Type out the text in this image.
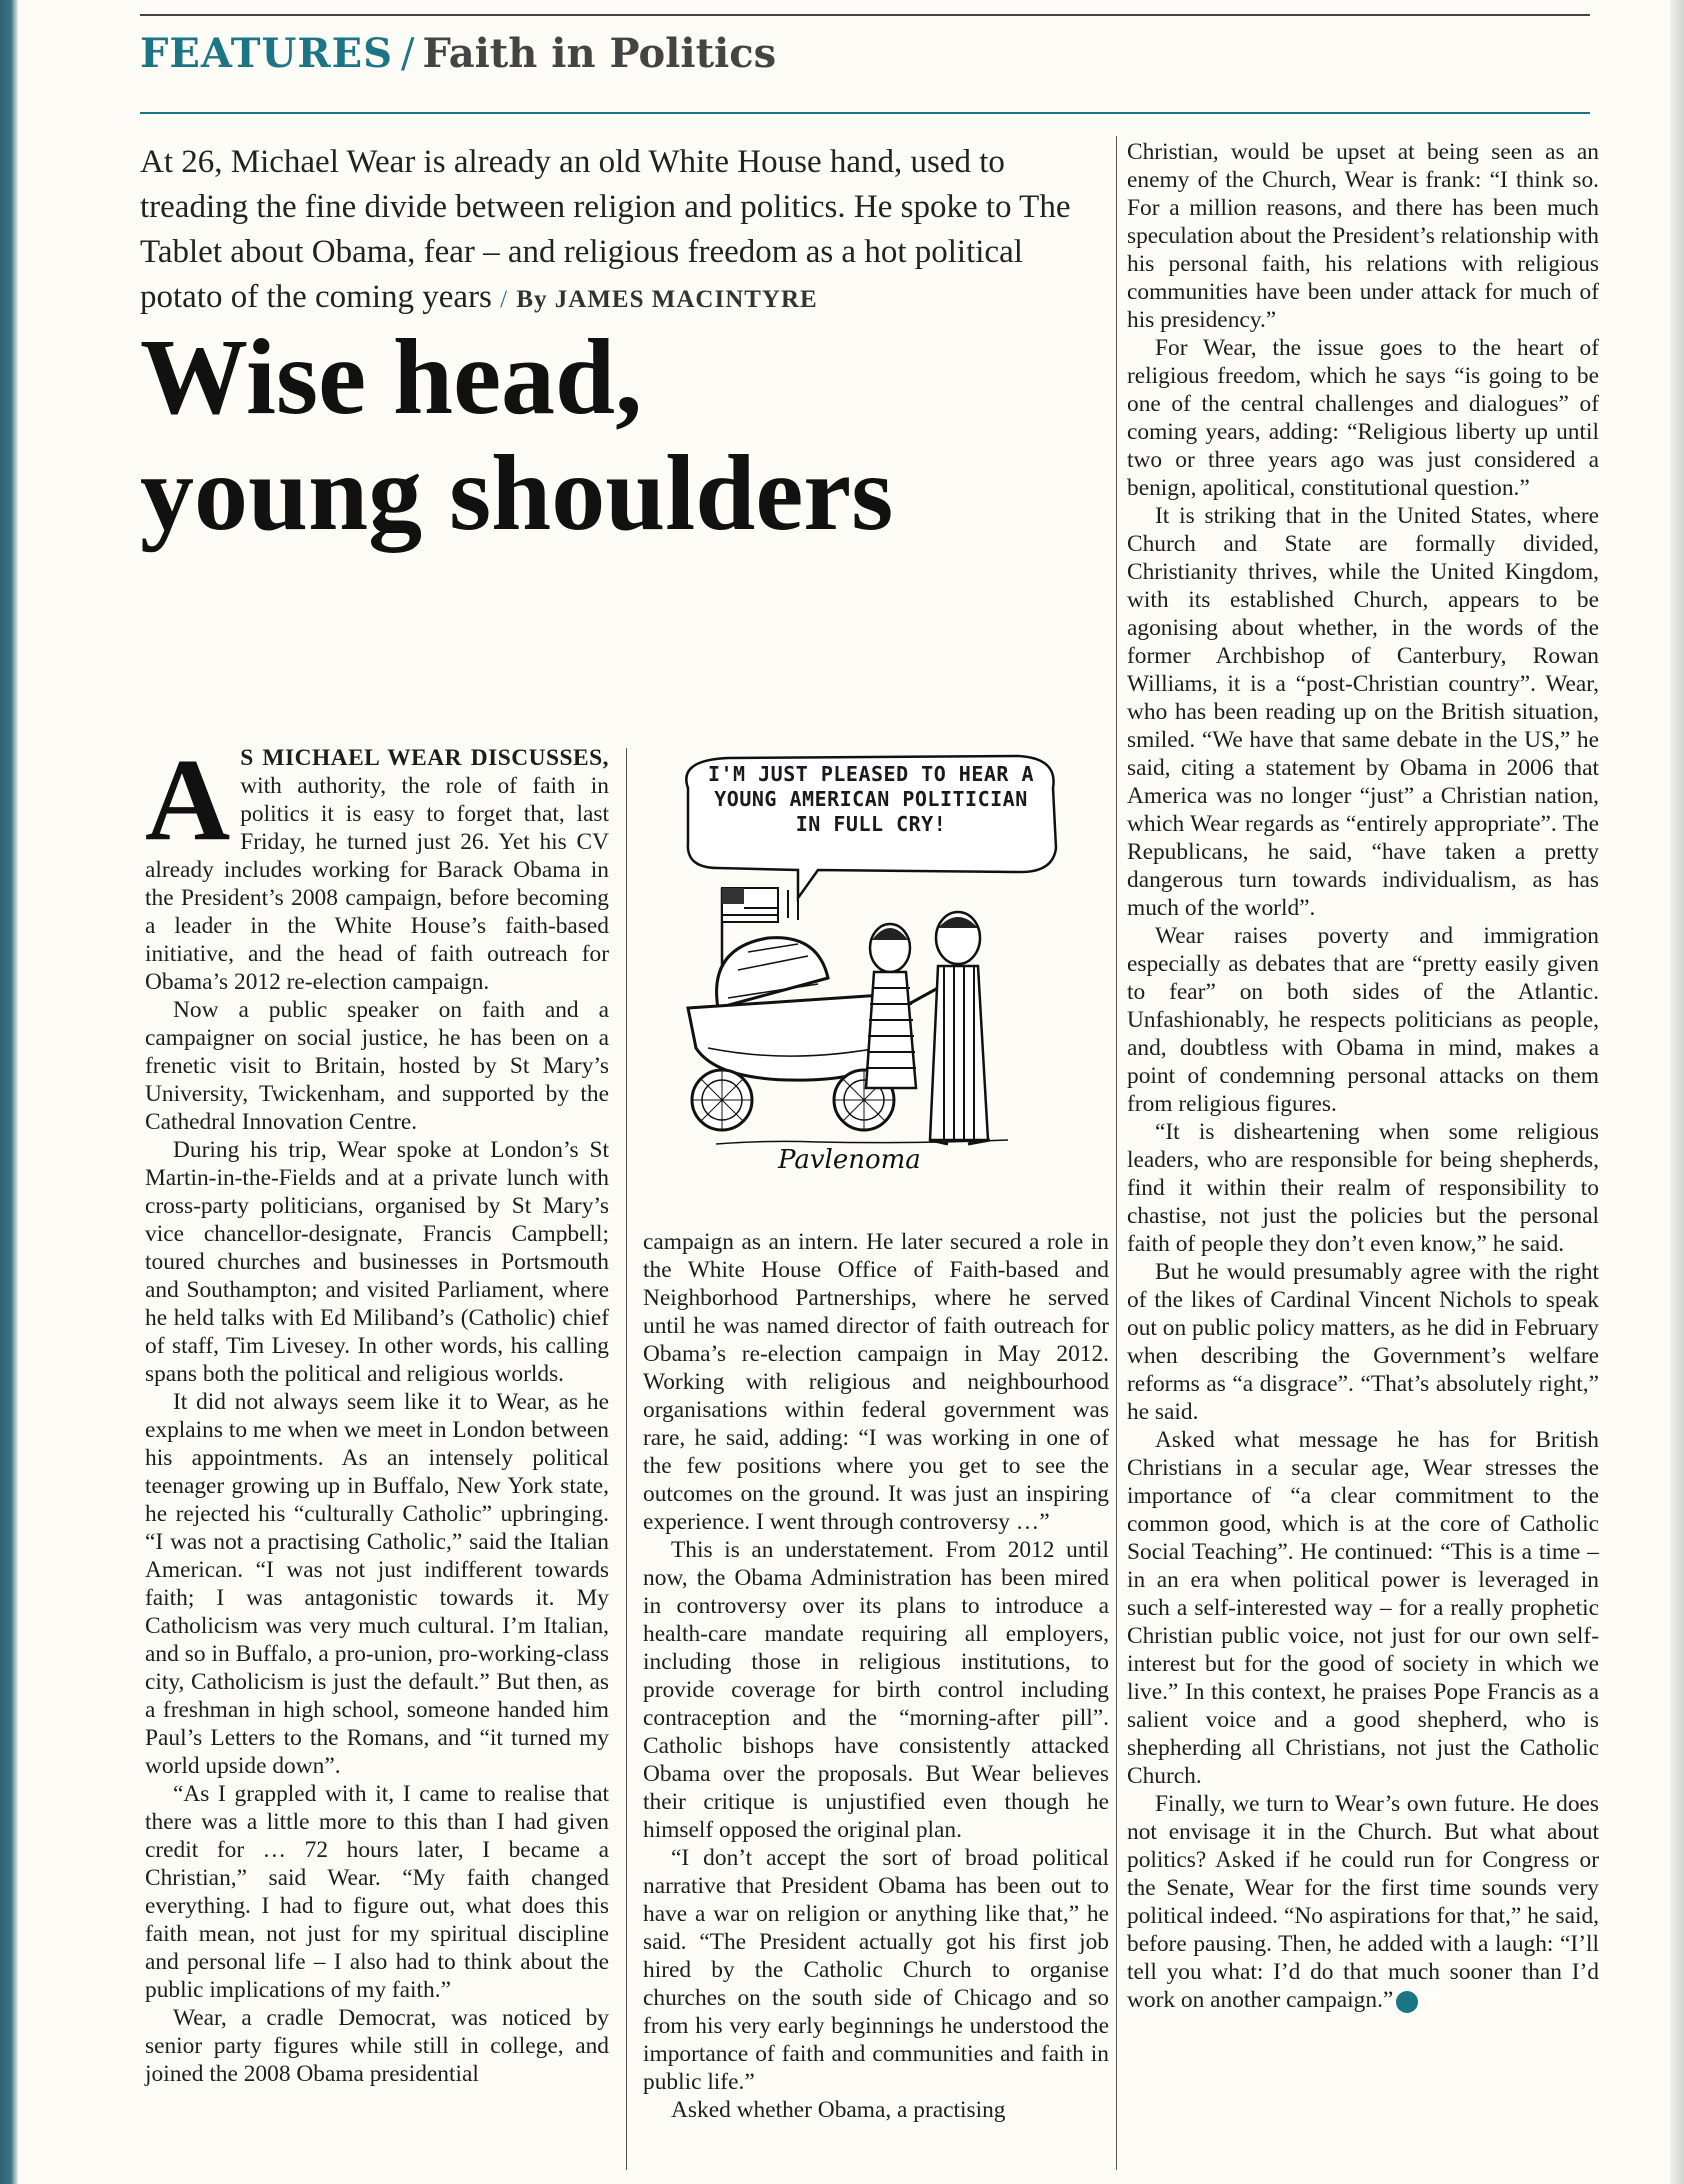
FEATURES / Faith in Politics
At 26, Michael Wear is already an old White House hand, used to treading the fine divide between religion and politics. He spoke to The Tablet about Obama, fear – and religious freedom as a hot political potato of the coming years / By JAMES MACINTYRE
Wise head,
young shoulders

A S MICHAEL WEAR DISCUSSES, with authority, the role of faith in politics it is easy to forget that, last Friday, he turned just 26. Yet his CV already includes working for Barack Obama in the President’s 2008 campaign, before becoming a leader in the White House’s faith-based initiative, and the head of faith outreach for Obama’s 2012 re-election campaign.

Now a public speaker on faith and a campaigner on social justice, he has been on a frenetic visit to Britain, hosted by St Mary’s University, Twickenham, and supported by the Cathedral Innovation Centre.

During his trip, Wear spoke at London’s St Martin-in-the-Fields and at a private lunch with cross-party politicians, organised by St Mary’s vice chancellor-designate, Francis Campbell; toured churches and businesses in Portsmouth and Southampton; and visited Parliament, where he held talks with Ed Miliband’s (Catholic) chief of staff, Tim Livesey. In other words, his calling spans both the political and religious worlds.

It did not always seem like it to Wear, as he explains to me when we meet in London between his appointments. As an intensely political teenager growing up in Buffalo, New York state, he rejected his “culturally Catholic” upbringing. “I was not a practising Catholic,” said the Italian American. “I was not just indifferent towards faith; I was antagonistic towards it. My Catholicism was very much cultural. I’m Italian, and so in Buffalo, a pro-union, pro-working-class city, Catholicism is just the default.” But then, as a freshman in high school, someone handed him Paul’s Letters to the Romans, and “it turned my world upside down”.

“As I grappled with it, I came to realise that there was a little more to this than I had given credit for … 72 hours later, I became a Christian,” said Wear. “My faith changed everything. I had to figure out, what does this faith mean, not just for my spiritual discipline and personal life – I also had to think about the public implications of my faith.”

Wear, a cradle Democrat, was noticed by senior party figures while still in college, and joined the 2008 Obama presidential

Pavlenoma
I'M JUST PLEASED TO HEAR A YOUNG AMERICAN POLITICIAN IN FULL CRY!

campaign as an intern. He later secured a role in the White House Office of Faith-based and Neighborhood Partnerships, where he served until he was named director of faith outreach for Obama’s re-election campaign in May 2012. Working with religious and neighbourhood organisations within federal government was rare, he said, adding: “I was working in one of the few positions where you get to see the outcomes on the ground. It was just an inspiring experience. I went through controversy …”

This is an understatement. From 2012 until now, the Obama Administration has been mired in controversy over its plans to introduce a health-care mandate requiring all employers, including those in religious institutions, to provide coverage for birth control including contraception and the “morning-after pill”. Catholic bishops have consistently attacked Obama over the proposals. But Wear believes their critique is unjustified even though he himself opposed the original plan.

“I don’t accept the sort of broad political narrative that President Obama has been out to have a war on religion or anything like that,” he said. “The President actually got his first job hired by the Catholic Church to organise churches on the south side of Chicago and so from his very early beginnings he understood the importance of faith and communities and faith in public life.”

Asked whether Obama, a practising

Christian, would be upset at being seen as an enemy of the Church, Wear is frank: “I think so. For a million reasons, and there has been much speculation about the President’s relationship with his personal faith, his relations with religious communities have been under attack for much of his presidency.”

For Wear, the issue goes to the heart of religious freedom, which he says “is going to be one of the central challenges and dialogues” of coming years, adding: “Religious liberty up until two or three years ago was just considered a benign, apolitical, constitutional question.”

It is striking that in the United States, where Church and State are formally divided, Christianity thrives, while the United Kingdom, with its established Church, appears to be agonising about whether, in the words of the former Archbishop of Canterbury, Rowan Williams, it is a “post-Christian country”. Wear, who has been reading up on the British situation, smiled. “We have that same debate in the US,” he said, citing a statement by Obama in 2006 that America was no longer “just” a Christian nation, which Wear regards as “entirely appropriate”. The Republicans, he said, “have taken a pretty dangerous turn towards individualism, as has much of the world”.

Wear raises poverty and immigration especially as debates that are “pretty easily given to fear” on both sides of the Atlantic. Unfashionably, he respects politicians as people, and, doubtless with Obama in mind, makes a point of condemning personal attacks on them from religious figures.

“It is disheartening when some religious leaders, who are responsible for being shepherds, find it within their realm of responsibility to chastise, not just the policies but the personal faith of people they don’t even know,” he said.

But he would presumably agree with the right of the likes of Cardinal Vincent Nichols to speak out on public policy matters, as he did in February when describing the Government’s welfare reforms as “a disgrace”. “That’s absolutely right,” he said.

Asked what message he has for British Christians in a secular age, Wear stresses the importance of “a clear commitment to the common good, which is at the core of Catholic Social Teaching”. He continued: “This is a time – in an era when political power is leveraged in such a self-interested way – for a really prophetic Christian public voice, not just for our own self-interest but for the good of society in which we live.” In this context, he praises Pope Francis as a salient voice and a good shepherd, who is shepherding all Christians, not just the Catholic Church.

Finally, we turn to Wear’s own future. He does not envisage it in the Church. But what about politics? Asked if he could run for Congress or the Senate, Wear for the first time sounds very political indeed. “No aspirations for that,” he said, before pausing. Then, he added with a laugh: “I’ll tell you what: I’d do that much sooner than I’d work on another campaign.” T
